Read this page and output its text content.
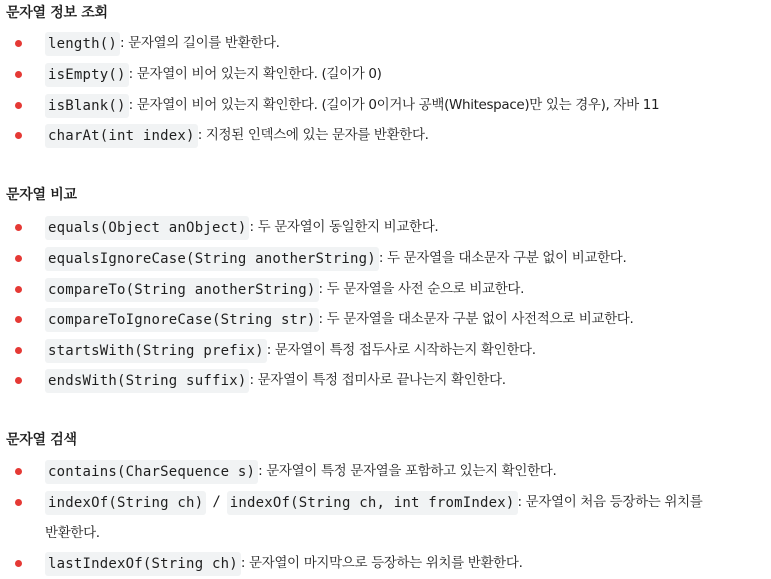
문자열 정보 조회
length() : 문자열의 길이를 반환한다.
isEmpty() : 문자열이 비어 있는지 확인한다. (길이가 0)
isBlank() : 문자열이 비어 있는지 확인한다. (길이가 0이거나 공백(Whitespace)만 있는 경우), 자바 11
charAt(int index) : 지정된 인덱스에 있는 문자를 반환한다.
문자열 비교
equals(Object anObject) : 두 문자열이 동일한지 비교한다.
equalsIgnoreCase(String anotherString) : 두 문자열을 대소문자 구분 없이 비교한다.
compareTo(String anotherString) : 두 문자열을 사전 순으로 비교한다.
compareToIgnoreCase(String str) : 두 문자열을 대소문자 구분 없이 사전적으로 비교한다.
startsWith(String prefix) : 문자열이 특정 접두사로 시작하는지 확인한다.
endsWith(String suffix) : 문자열이 특정 접미사로 끝나는지 확인한다.
문자열 검색
contains(CharSequence s) : 문자열이 특정 문자열을 포함하고 있는지 확인한다.
indexOf(String ch) / indexOf(String ch, int fromIndex) : 문자열이 처음 등장하는 위치를
반환한다.
lastIndexOf(String ch) : 문자열이 마지막으로 등장하는 위치를 반환한다.
